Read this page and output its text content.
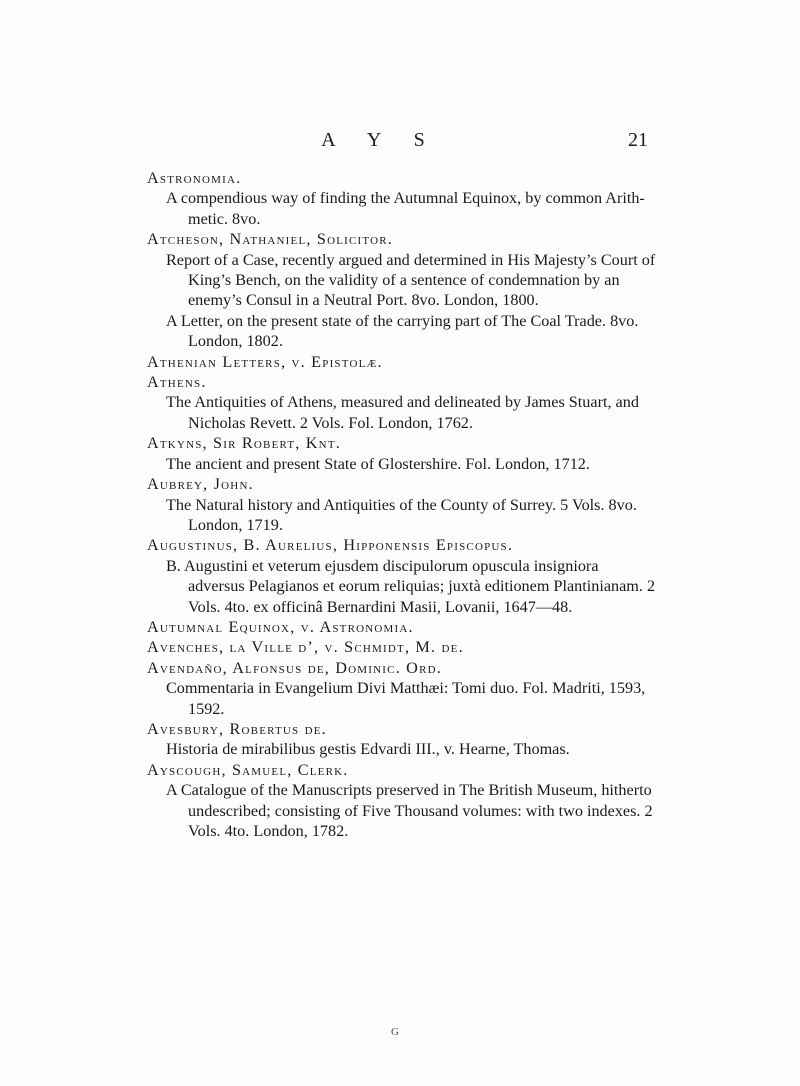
A Y S	21

Astronomia.

A compendious way of finding the Autumnal Equinox, by common Arith- metic. 8vo.

Atcheson, Nathaniel, Solicitor.

Report of a Case, recently argued and determined in His Majesty’s Court of King’s Bench, on the validity of a sentence of condemnation by an enemy’s Consul in a Neutral Port. 8vo. London, 1800.

A Letter, on the present state of the carrying part of The Coal Trade. 8vo. London, 1802.

Athenian Letters, v. Epistolæ.

Athens.

The Antiquities of Athens, measured and delineated by James Stuart, and Nicholas Revett. 2 Vols. Fol. London, 1762.

Atkyns, Sir Robert, Knt.

The ancient and present State of Glostershire. Fol. London, 1712.

Aubrey, John.

The Natural history and Antiquities of the County of Surrey. 5 Vols. 8vo. London, 1719.

Augustinus, B. Aurelius, Hipponensis Episcopus.

B. Augustini et veterum ejusdem discipulorum opuscula insigniora adversus Pelagianos et eorum reliquias; juxtà editionem Plantinianam. 2 Vols. 4to. ex officinâ Bernardini Masii, Lovanii, 1647—48.

Autumnal Equinox, v. Astronomia.

Avenches, la Ville d’, v. Schmidt, M. de.

Avendaño, Alfonsus de, Dominic. Ord.

Commentaria in Evangelium Divi Matthæi: Tomi duo. Fol. Madriti, 1593, 1592.

Avesbury, Robertus de.

Historia de mirabilibus gestis Edvardi III., v. Hearne, Thomas.

Ayscough, Samuel, Clerk.

A Catalogue of the Manuscripts preserved in The British Museum, hitherto undescribed; consisting of Five Thousand volumes: with two indexes. 2 Vols. 4to. London, 1782.

G
